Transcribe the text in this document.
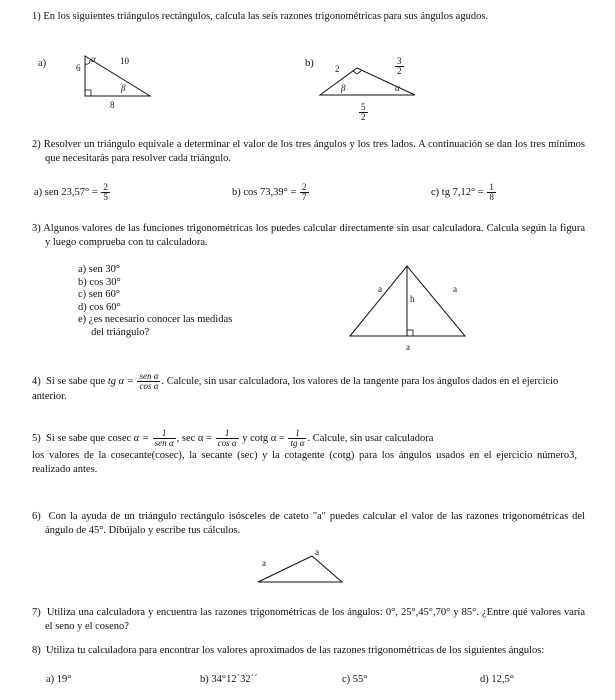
1) En los siguientes triángulos rectángulos, calcula las seis razones trigonométricas para sus ángulos agudos.
a)	6
α	10
β
8
b) 2	$\frac{3}{2}$
β	α
$\frac{5}{2}$
2) Resolver un triángulo equivale a determinar el valor de los tres ángulos y los tres lados. A continuación se dan los tres mínimos que necesitarás para resolver cada triángulo.
a) sen $23,57^\circ = \frac{2}{5}$	b) $\cos 73,39^\circ = \frac{2}{7}$	c) tg $7,12^\circ = \frac{1}{8}$
3) Algunos valores de las funciones trigonométricas los puedes calcular directamente sin usar calculadora. Calcula según la figura y luego comprueba con tu calculadora.
a) sen 30°
b) cos 30°
c) sen 60°
d) cos 60°
e) ¿es necesario conocer las medidas
del triángulo?
a	a
h
a
4) Si se sabe que tg $\alpha = \frac{\text{sen α}}{\text{cos α}}$ . Calcule, sin usar calculadora, los valores de la tangente para los ángulos dados en el ejercicio anterior.
5) Si se sabe que cosec $\alpha = \frac{1}{\text{sen α}}$ , $\sec \alpha = \frac{1}{\text{cos α}}$ y cotg $\alpha = \frac{1}{\text{tg α}}$ . Calcule, sin usar calculadora
los valores de la cosecante(cosec), la secante (sec) y la cotagente (cotg) para los ángulos usados en el ejercicio número3, realizado antes.
6) Con la ayuda de un triángulo rectángulo isósceles de cateto "a" puedes calcular el valor de las razones trigonométricas del ángulo de 45°. Dibújalo y escribe tus cálculos.
a
a
7) Utiliza una calculadora y encuentra las razones trigonométricas de los ángulos: 0°, 25°,45°,70° y 85°. ¿Entre qué valores varía el seno y el coseno?
8) Utiliza tu calculadora para encontrar los valores aproximados de las razones trigonométricas de los siguientes ángulos:
a) 19°	b) 34°12´32´´	c) 55°	d) 12,5°
